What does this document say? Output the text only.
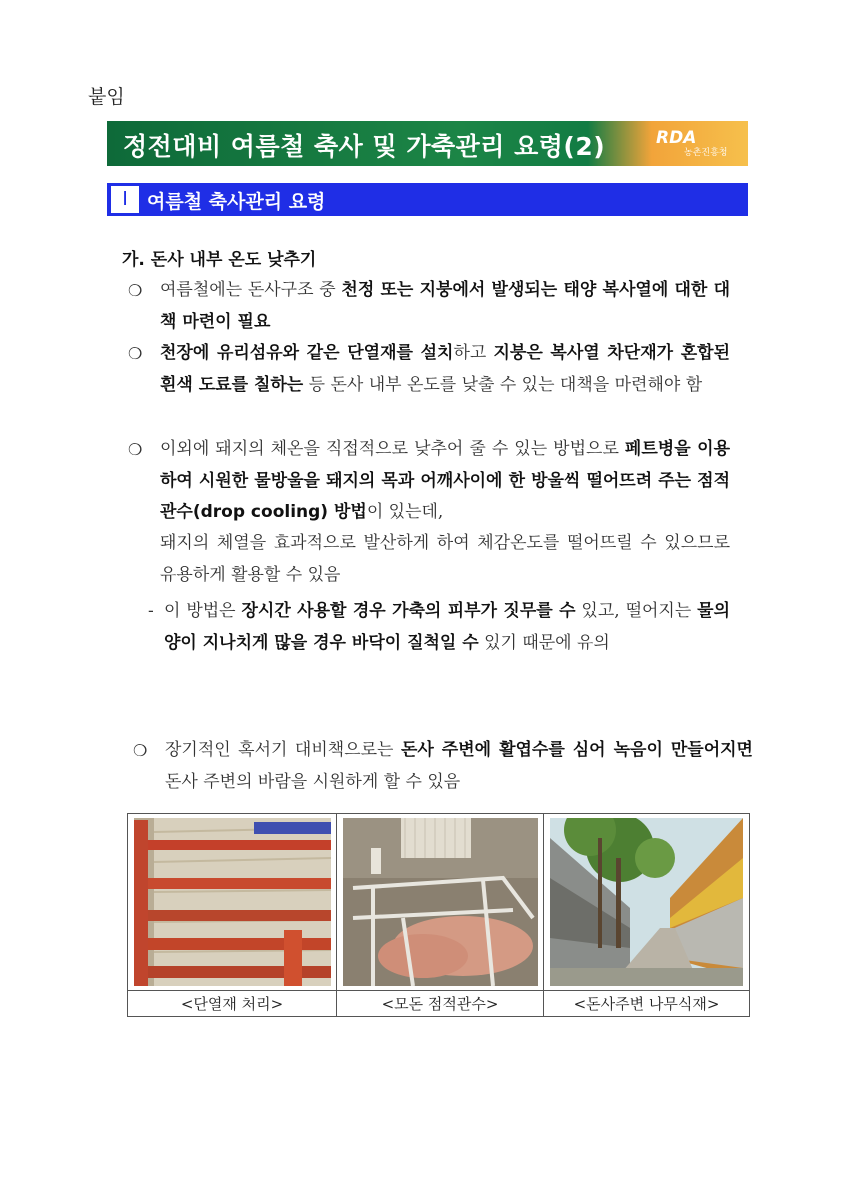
붙임
정전대비 여름철 축사 및 가축관리 요령(2)	RDA
농촌진흥청
Ⅰ	여름철 축사관리 요령
가. 돈사 내부 온도 낮추기
❍ 여름철에는 돈사구조 중 천정 또는 지붕에서 발생되는 태양 복사열에 대한 대책 마련이 필요
❍ 천장에 유리섬유와 같은 단열재를 설치하고 지붕은 복사열 차단재가 혼합된 흰색 도료를 칠하는 등 돈사 내부 온도를 낮출 수 있는 대책을 마련해야 함
❍ 이외에 돼지의 체온을 직접적으로 낮추어 줄 수 있는 방법으로 페트병을 이용하여 시원한 물방울을 돼지의 목과 어깨사이에 한 방울씩 떨어뜨려 주는 점적관수(drop cooling) 방법이 있는데,
돼지의 체열을 효과적으로 발산하게 하여 체감온도를 떨어뜨릴 수 있으므로 유용하게 활용할 수 있음
- 이 방법은 장시간 사용할 경우 가축의 피부가 짓무를 수 있고, 떨어지는 물의 양이 지나치게 많을 경우 바닥이 질척일 수 있기 때문에 유의
❍ 장기적인 혹서기 대비책으로는 돈사 주변에 활엽수를 심어 녹음이 만들어지면 돈사 주변의 바람을 시원하게 할 수 있음
<단열재 처리>	<모돈 점적관수>	<돈사주변 나무식재>
